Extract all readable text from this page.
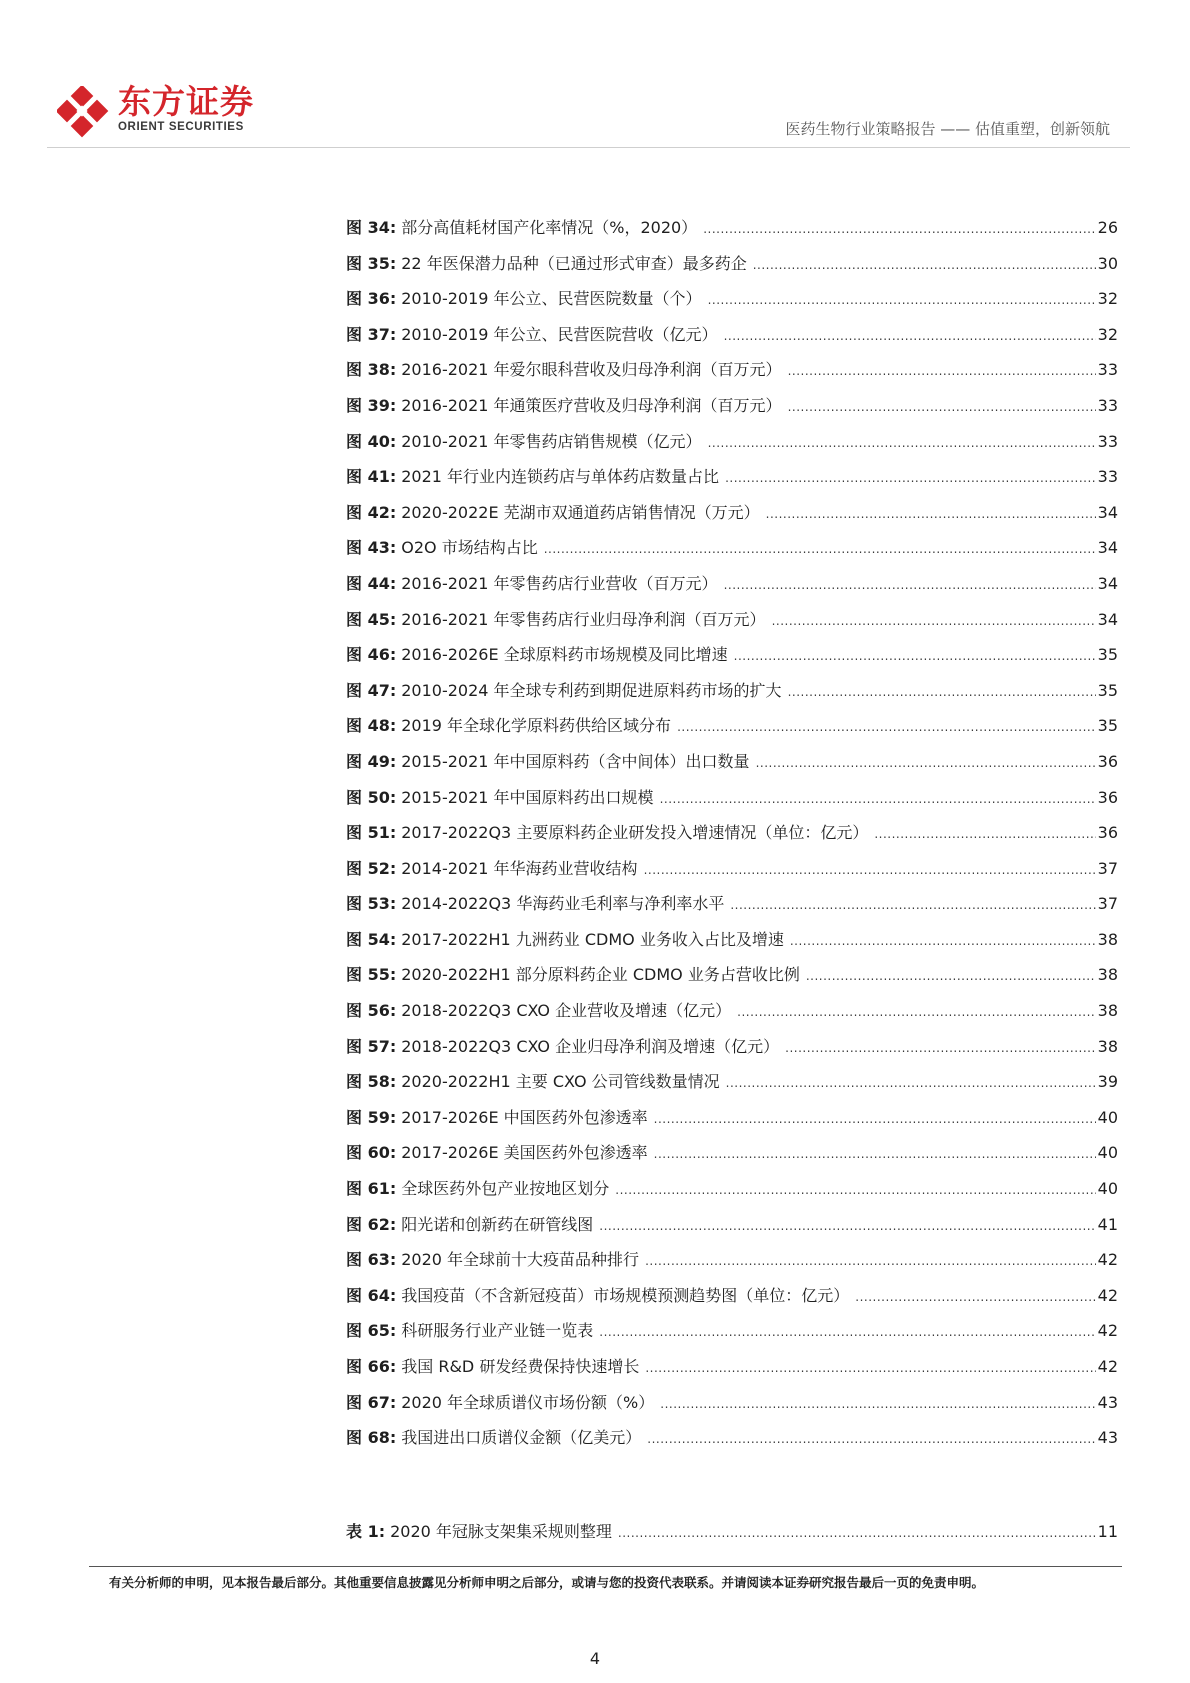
东方证券
ORIENT SECURITIES	医药生物行业策略报告 —— 估值重塑，创新领航
图 34: 部分高值耗材国产化率情况（%，2020） .....	26
图 35: 22 年医保潜力品种（已通过形式审查）最多药企 .....	30
图 36: 2010-2019 年公立、民营医院数量（个） .....	32
图 37: 2010-2019 年公立、民营医院营收（亿元） .....	32
图 38: 2016-2021 年爱尔眼科营收及归母净利润（百万元） .....	33
图 39: 2016-2021 年通策医疗营收及归母净利润（百万元） .....	33
图 40: 2010-2021 年零售药店销售规模（亿元） .....	33
图 41: 2021 年行业内连锁药店与单体药店数量占比 .....	33
图 42: 2020-2022E 芜湖市双通道药店销售情况（万元） .....	34
图 43: O2O 市场结构占比 .....	34
图 44: 2016-2021 年零售药店行业营收（百万元） .....	34
图 45: 2016-2021 年零售药店行业归母净利润（百万元） .....	34
图 46: 2016-2026E 全球原料药市场规模及同比增速 .....	35
图 47: 2010-2024 年全球专利药到期促进原料药市场的扩大 .....	35
图 48: 2019 年全球化学原料药供给区域分布 .....	35
图 49: 2015-2021 年中国原料药（含中间体）出口数量 .....	36
图 50: 2015-2021 年中国原料药出口规模 .....	36
图 51: 2017-2022Q3 主要原料药企业研发投入增速情况（单位：亿元） .....	36
图 52: 2014-2021 年华海药业营收结构 .....	37
图 53: 2014-2022Q3 华海药业毛利率与净利率水平 .....	37
图 54: 2017-2022H1 九洲药业 CDMO 业务收入占比及增速 .....	38
图 55: 2020-2022H1 部分原料药企业 CDMO 业务占营收比例 .....	38
图 56: 2018-2022Q3 CXO 企业营收及增速（亿元） .....	38
图 57: 2018-2022Q3 CXO 企业归母净利润及增速（亿元） .....	38
图 58: 2020-2022H1 主要 CXO 公司管线数量情况 .....	39
图 59: 2017-2026E 中国医药外包渗透率 .....	40
图 60: 2017-2026E 美国医药外包渗透率 .....	40
图 61: 全球医药外包产业按地区划分 .....	40
图 62: 阳光诺和创新药在研管线图 .....	41
图 63: 2020 年全球前十大疫苗品种排行 .....	42
图 64: 我国疫苗（不含新冠疫苗）市场规模预测趋势图（单位：亿元） .....	42
图 65: 科研服务行业产业链一览表 .....	42
图 66: 我国 R&D 研发经费保持快速增长 .....	42
图 67: 2020 年全球质谱仪市场份额（%） .....	43
图 68: 我国进出口质谱仪金额（亿美元） .....	43
表 1: 2020 年冠脉支架集采规则整理 .....	11
有关分析师的申明，见本报告最后部分。其他重要信息披露见分析师申明之后部分，或请与您的投资代表联系。并请阅读本证券研究报告最后一页的免责申明。
4
